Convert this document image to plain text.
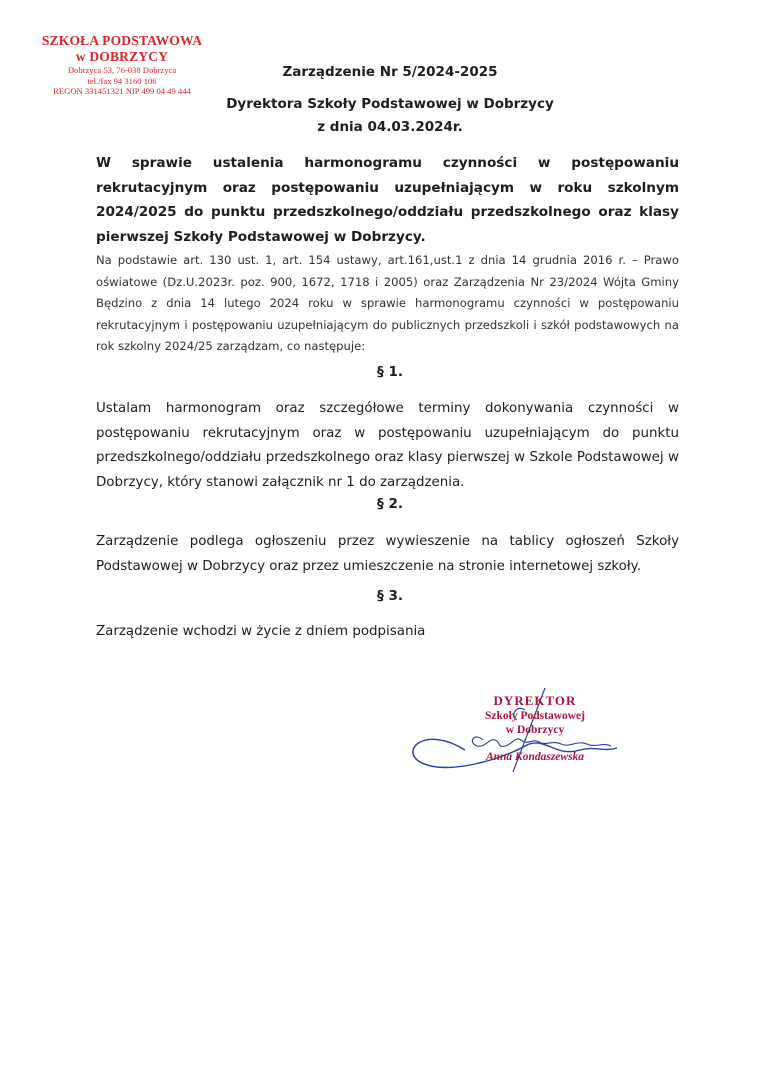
SZKOŁA PODSTAWOWA
w DOBRZYCY
Dobrzyca 53, 76-038 Dobrzyca
tel./fax 94 3160 106
REGON 331451321 NIP 499 04 49 444
Zarządzenie Nr 5/2024-2025
Dyrektora Szkoły Podstawowej w Dobrzycy
z dnia 04.03.2024r.
W sprawie ustalenia harmonogramu czynności w postępowaniu rekrutacyjnym oraz postępowaniu uzupełniającym w roku szkolnym 2024/2025 do punktu przedszkolnego/oddziału przedszkolnego oraz klasy pierwszej Szkoły Podstawowej w Dobrzycy.
Na podstawie art. 130 ust. 1, art. 154 ustawy, art.161,ust.1 z dnia 14 grudnia 2016 r. – Prawo oświatowe (Dz.U.2023r. poz. 900, 1672, 1718 i 2005) oraz Zarządzenia Nr 23/2024 Wójta Gminy Będzino z dnia 14 lutego 2024 roku w sprawie harmonogramu czynności w postępowaniu rekrutacyjnym i postępowaniu uzupełniającym do publicznych przedszkoli i szkół podstawowych na rok szkolny 2024/25 zarządzam, co następuje:
§ 1.
Ustalam harmonogram oraz szczegółowe terminy dokonywania czynności w postępowaniu rekrutacyjnym oraz w postępowaniu uzupełniającym do punktu przedszkolnego/oddziału przedszkolnego oraz klasy pierwszej w Szkole Podstawowej w Dobrzycy, który stanowi załącznik nr 1 do zarządzenia.
§ 2.
Zarządzenie podlega ogłoszeniu przez wywieszenie na tablicy ogłoszeń Szkoły Podstawowej w Dobrzycy oraz przez umieszczenie na stronie internetowej szkoły.
§ 3.
Zarządzenie wchodzi w życie z dniem podpisania
DYREKTOR
Szkoły Podstawowej
w Dobrzycy
Anna Kondaszewska
